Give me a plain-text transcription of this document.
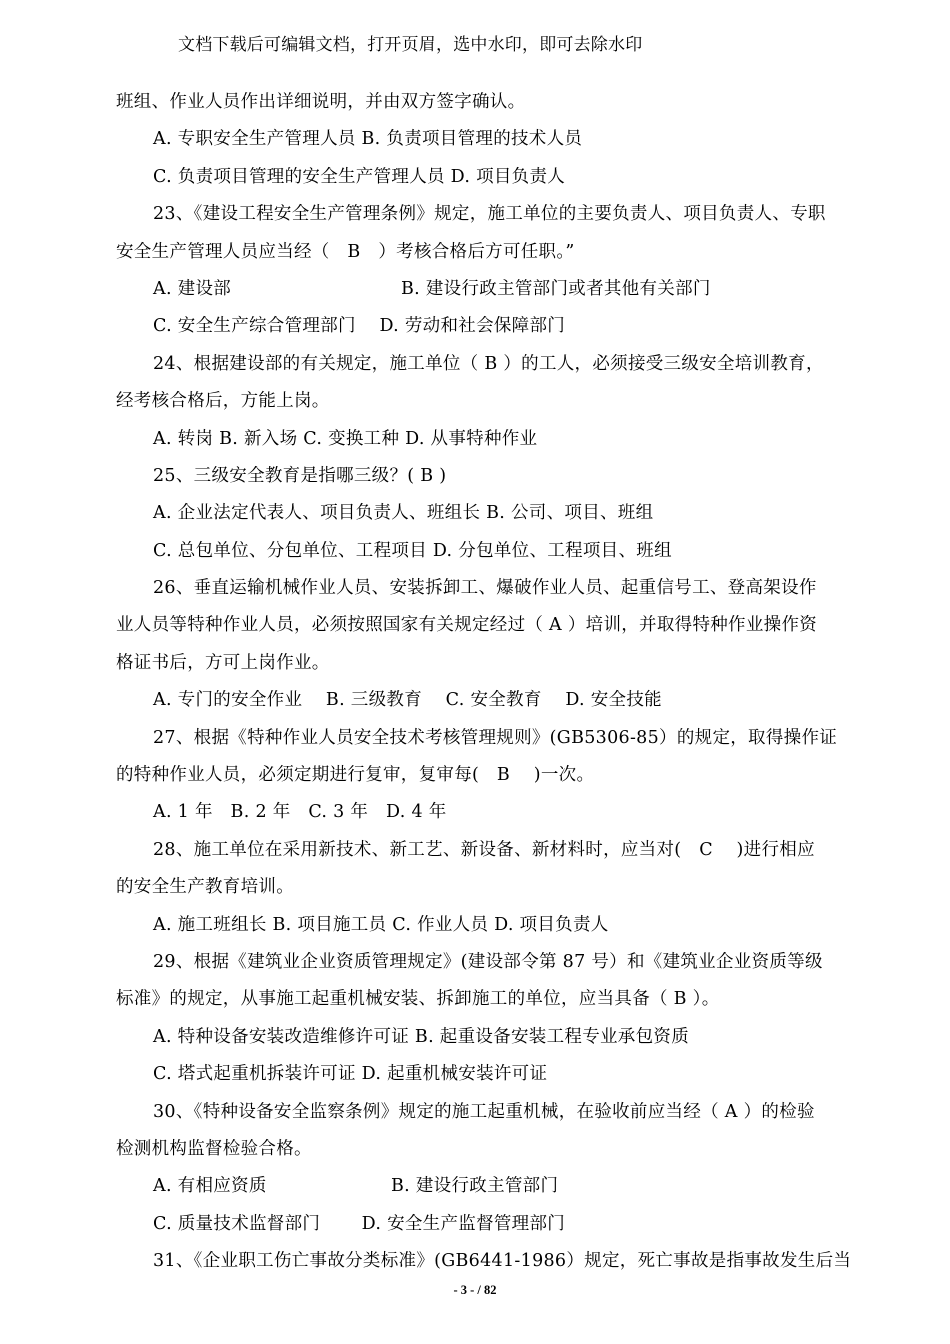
文档下载后可编辑文档，打开页眉，选中水印，即可去除水印
班组、作业人员作出详细说明，并由双方签字确认。
A. 专职安全生产管理人员 B. 负责项目管理的技术人员
C. 负责项目管理的安全生产管理人员 D. 项目负责人
23、《建设工程安全生产管理条例》规定，施工单位的主要负责人、项目负责人、专职
安全生产管理人员应当经（　B　）考核合格后方可任职。”
A. 建设部	B. 建设行政主管部门或者其他有关部门
C. 安全生产综合管理部门　 D. 劳动和社会保障部门
24、根据建设部的有关规定，施工单位（ B ）的工人，必须接受三级安全培训教育，
经考核合格后，方能上岗。
A. 转岗 B. 新入场 C. 变换工种 D. 从事特种作业
25、三级安全教育是指哪三级？( B )
A. 企业法定代表人、项目负责人、班组长 B. 公司、项目、班组
C. 总包单位、分包单位、工程项目 D. 分包单位、工程项目、班组
26、垂直运输机械作业人员、安装拆卸工、爆破作业人员、起重信号工、登高架设作
业人员等特种作业人员，必须按照国家有关规定经过（ A ）培训，并取得特种作业操作资
格证书后，方可上岗作业。
A. 专门的安全作业　 B. 三级教育　 C. 安全教育　 D. 安全技能
27、根据《特种作业人员安全技术考核管理规则》(GB5306-85）的规定，取得操作证
的特种作业人员，必须定期进行复审，复审每(　B　 )一次。
A. 1 年　B. 2 年　C. 3 年　D. 4 年
28、施工单位在采用新技术、新工艺、新设备、新材料时，应当对(　C　 )进行相应
的安全生产教育培训。
A. 施工班组长 B. 项目施工员 C. 作业人员 D. 项目负责人
29、根据《建筑业企业资质管理规定》(建设部令第 87 号）和《建筑业企业资质等级
标准》的规定，从事施工起重机械安装、拆卸施工的单位，应当具备（ B ）。
A. 特种设备安装改造维修许可证 B. 起重设备安装工程专业承包资质
C. 塔式起重机拆装许可证 D. 起重机械安装许可证
30、《特种设备安全监察条例》规定的施工起重机械，在验收前应当经（ A ）的检验
检测机构监督检验合格。
A. 有相应资质	B. 建设行政主管部门
C. 质量技术监督部门　　 D. 安全生产监督管理部门
31、《企业职工伤亡事故分类标准》(GB6441-1986）规定，死亡事故是指事故发生后当
- 3 - / 82
